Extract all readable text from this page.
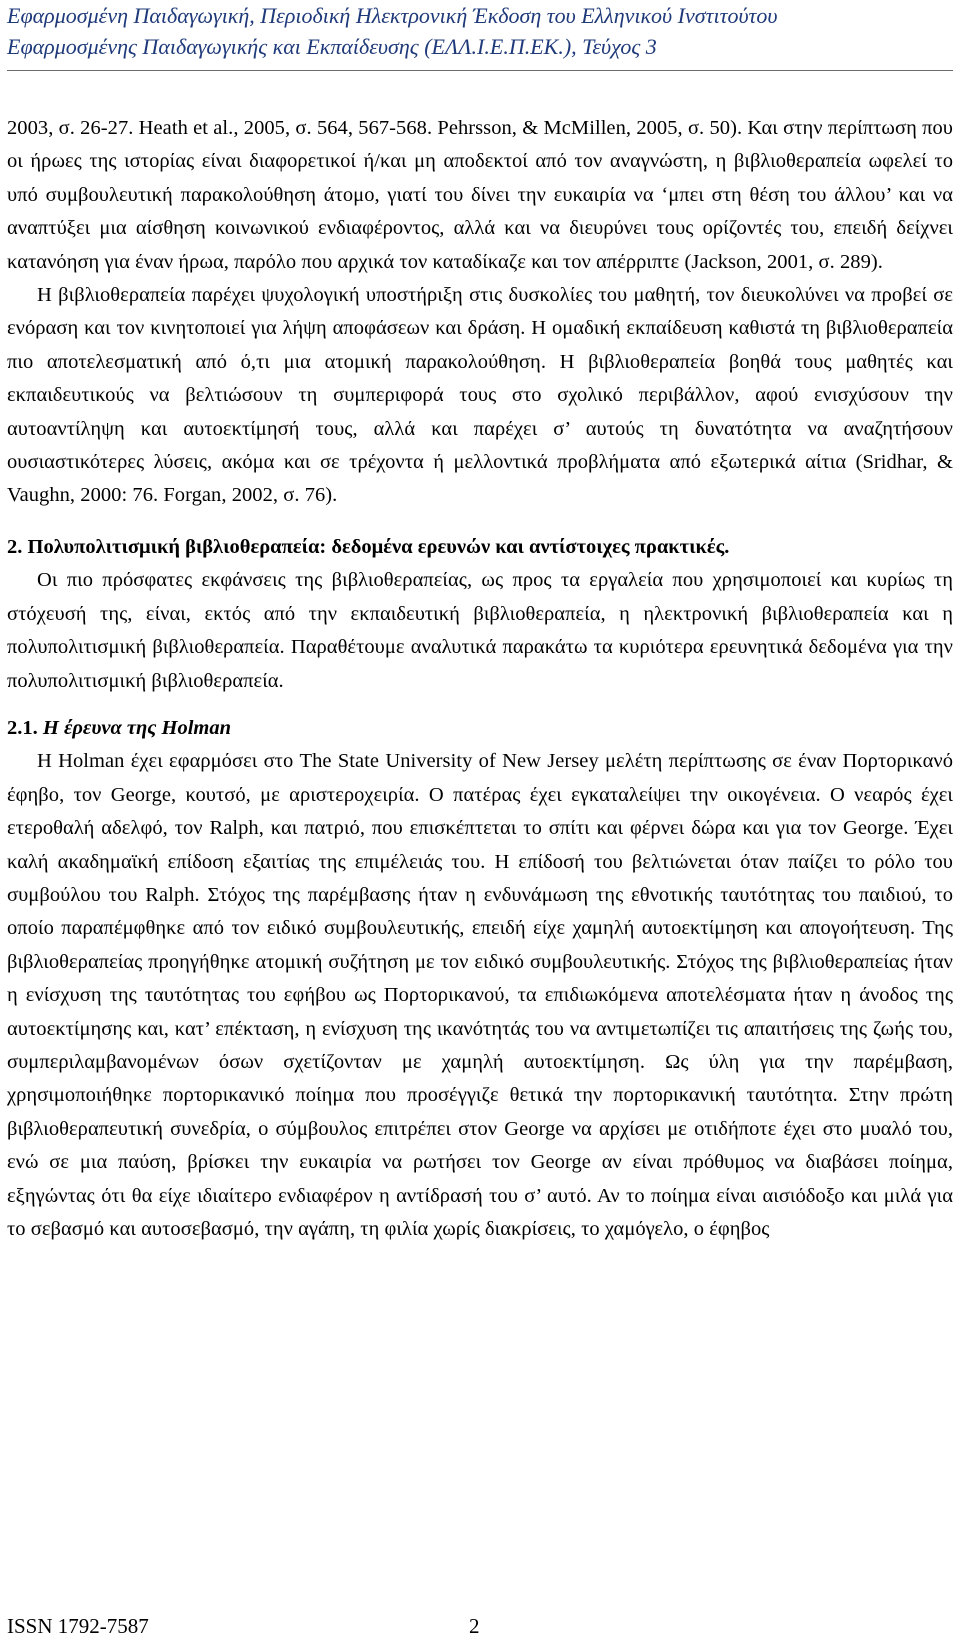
Εφαρμοσμένη Παιδαγωγική, Περιοδική Ηλεκτρονική Έκδοση του Ελληνικού Ινστιτούτου
Εφαρμοσμένης Παιδαγωγικής και Εκπαίδευσης (ΕΛΛ.Ι.Ε.Π.ΕΚ.), Τεύχος 3

2003, σ. 26-27. Heath et al., 2005, σ. 564, 567-568. Pehrsson, & McMillen, 2005, σ. 50). Και στην περίπτωση που οι ήρωες της ιστορίας είναι διαφορετικοί ή/και μη αποδεκτοί από τον αναγνώστη, η βιβλιοθεραπεία ωφελεί το υπό συμβουλευτική παρακολούθηση άτομο, γιατί του δίνει την ευκαιρία να ‘μπει στη θέση του άλλου’ και να αναπτύξει μια αίσθηση κοινωνικού ενδιαφέροντος, αλλά και να διευρύνει τους ορίζοντές του, επειδή δείχνει κατανόηση για έναν ήρωα, παρόλο που αρχικά τον καταδίκαζε και τον απέρριπτε (Jackson, 2001, σ. 289).

Η βιβλιοθεραπεία παρέχει ψυχολογική υποστήριξη στις δυσκολίες του μαθητή, τον διευκολύνει να προβεί σε ενόραση και τον κινητοποιεί για λήψη αποφάσεων και δράση. Η ομαδική εκπαίδευση καθιστά τη βιβλιοθεραπεία πιο αποτελεσματική από ό,τι μια ατομική παρακολούθηση. Η βιβλιοθεραπεία βοηθά τους μαθητές και εκπαιδευτικούς να βελτιώσουν τη συμπεριφορά τους στο σχολικό περιβάλλον, αφού ενισχύσουν την αυτοαντίληψη και αυτοεκτίμησή τους, αλλά και παρέχει σ’ αυτούς τη δυνατότητα να αναζητήσουν ουσιαστικότερες λύσεις, ακόμα και σε τρέχοντα ή μελλοντικά προβλήματα από εξωτερικά αίτια (Sridhar, & Vaughn, 2000: 76. Forgan, 2002, σ. 76).

2. Πολυπολιτισμική βιβλιοθεραπεία: δεδομένα ερευνών και αντίστοιχες πρακτικές.

Οι πιο πρόσφατες εκφάνσεις της βιβλιοθεραπείας, ως προς τα εργαλεία που χρησιμοποιεί και κυρίως τη στόχευσή της, είναι, εκτός από την εκπαιδευτική βιβλιοθεραπεία, η ηλεκτρονική βιβλιοθεραπεία και η πολυπολιτισμική βιβλιοθεραπεία. Παραθέτουμε αναλυτικά παρακάτω τα κυριότερα ερευνητικά δεδομένα για την πολυπολιτισμική βιβλιοθεραπεία.

2.1. Η έρευνα της Holman

Η Holman έχει εφαρμόσει στο The State University of New Jersey μελέτη περίπτωσης σε έναν Πορτορικανό έφηβο, τον George, κουτσό, με αριστεροχειρία. Ο πατέρας έχει εγκαταλείψει την οικογένεια. Ο νεαρός έχει ετεροθαλή αδελφό, τον Ralph, και πατριό, που επισκέπτεται το σπίτι και φέρνει δώρα και για τον George. Έχει καλή ακαδημαϊκή επίδοση εξαιτίας της επιμέλειάς του. Η επίδοσή του βελτιώνεται όταν παίζει το ρόλο του συμβούλου του Ralph. Στόχος της παρέμβασης ήταν η ενδυνάμωση της εθνοτικής ταυτότητας του παιδιού, το οποίο παραπέμφθηκε από τον ειδικό συμβουλευτικής, επειδή είχε χαμηλή αυτοεκτίμηση και απογοήτευση. Της βιβλιοθεραπείας προηγήθηκε ατομική συζήτηση με τον ειδικό συμβουλευτικής. Στόχος της βιβλιοθεραπείας ήταν η ενίσχυση της ταυτότητας του εφήβου ως Πορτορικανού, τα επιδιωκόμενα αποτελέσματα ήταν η άνοδος της αυτοεκτίμησης και, κατ’ επέκταση, η ενίσχυση της ικανότητάς του να αντιμετωπίζει τις απαιτήσεις της ζωής του, συμπεριλαμβανομένων όσων σχετίζονταν με χαμηλή αυτοεκτίμηση. Ως ύλη για την παρέμβαση, χρησιμοποιήθηκε πορτορικανικό ποίημα που προσέγγιζε θετικά την πορτορικανική ταυτότητα. Στην πρώτη βιβλιοθεραπευτική συνεδρία, ο σύμβουλος επιτρέπει στον George να αρχίσει με οτιδήποτε έχει στο μυαλό του, ενώ σε μια παύση, βρίσκει την ευκαιρία να ρωτήσει τον George αν είναι πρόθυμος να διαβάσει ποίημα, εξηγώντας ότι θα είχε ιδιαίτερο ενδιαφέρον η αντίδρασή του σ’ αυτό. Αν το ποίημα είναι αισιόδοξο και μιλά για το σεβασμό και αυτοσεβασμό, την αγάπη, τη φιλία χωρίς διακρίσεις, το χαμόγελο, ο έφηβος

ISSN 1792-7587	2
